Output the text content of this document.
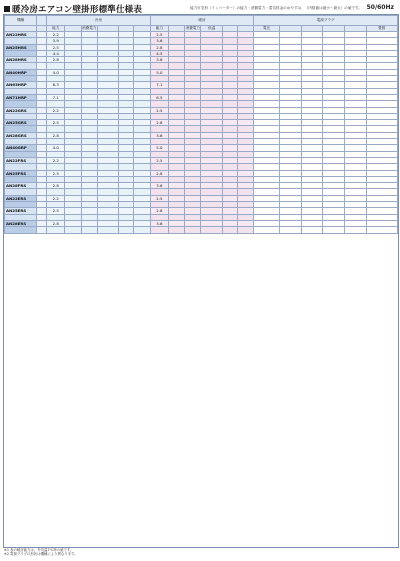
暖冷房エアコン壁掛形標準仕様表	能力可変形（インバーター）の能力・消費電力・電気料金のめやすは、（内数値は最小～最大）の値です。 50/60Hz
機種		冷房						暖房						電源プラグ					
		能力		消費電力				能力		消費電力	低温			電圧					畳数
AN22HRS		2.2						2.5											
		3.9						3.6											
AN25HRS		2.5						2.8											
		4.4						4.5											
AN28HRS		2.8						3.6											

AN40HRP		4.0						5.0											

AN63HRP		6.3						7.1											

AN71HRP		7.1						8.5											

AN22GRS		2.2						2.5											

AN25GRS		2.5						2.8											

AN28GRS		2.8						3.6											

AN40GRP		4.0						5.0											

AN22FRS		2.2						2.5											

AN25FRS		2.5						2.8											

AN28FRS		2.8						3.6											

AN22ERS		2.2						2.5											

AN25ERS		2.5						2.8											

AN28ERS		2.8						3.6											

※1 表の暖房能力は、外気温7℃時の値です。
※2 電源プラグの形状は機種により異なります。
